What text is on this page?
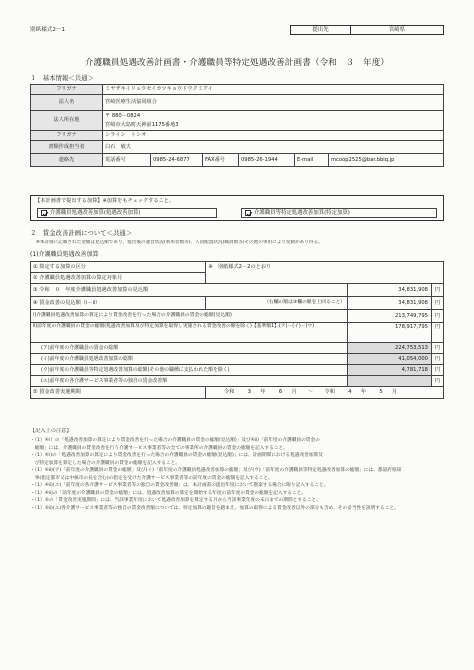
別紙様式2－1	提出先	宮崎県
介護職員処遇改善計画書・介護職員等特定処遇改善計画書（令和　３　年度）
１　基本情報＜共通＞
フリガナ	ミヤザキイリョウセイカツキョウドウクミアイ					
法人名	宮崎医療生活協同組合					
法人所在地	〒 880－0824					
	宮崎市大島町天神前1175番地3					
フリガナ	シライシ　トシオ					
書類作成担当者	白石　敏夫					
連絡先	電話番号	0985-24-6877	FAX番号	0985-26-1944	E-mail	mcoop2525@bar.bbiq.jp
【本計画書で提出する加算】※加算をもチェックすること。
介護職員処遇改善加算(処遇改善加算)	介護職員等特定処遇改善加算(特定加算)
２　賃金改善計画について＜共通＞
※本計画に記載された金額は見込額であり、提出後の運営状況(利用者数等)、人員配置状況(職員数等)その他の事由により変動があり得る。
(1)介護職員処遇改善加算
① 算定する加算の区分	※　別紙様式2－2のとおり		
② 介護職員処遇改善加算の算定対象月			
③ 令和　０　年度介護職員処遇改善加算の見込額		34,831,908	円
④ 賃金改善の見込額（ⅰ－ⅱ）	（右欄の額は③欄の額を上回ること）	34,831,908	円
ⅰ)介護職員処遇改善加算の算定により賃金改善を行った場合の介護職員の賃金の総額(見込額)		213,749,795	円
ⅱ)前年度の介護職員の賃金の総額(処遇改善加算及び特定加算を取得し実施される賃金改善の額を除く)【基準額1】(ア)－(イ)－(ウ)		178,917,795	円
(ア)前年度の介護職員の賃金の総額		224,753,513	円
(イ)前年度の介護職員処遇改善加算の総額		41,054,000	円
(ウ)前年度の介護職員等特定処遇改善加算の総額(その他の職種に支払われた額を除く)		4,781,718	円
(エ)前年度の各介護サービス事業者等の独自の賃金改善額			円
⑤ 賃金改善実施期間	令和 3 年 6 月 ～ 令和 4 年 5 月		

【記入上の注意】

・（1）④ⅰ）の「処遇改善加算の算定により賃金改善を行った場合の介護職員の賃金の総額(見込額)」及び④ⅱ)「前年度の介護職員の賃金の

　総額」には、介護職員の賃金改善を行う介護サービス事業者等の全ての事業所の介護職員の賃金の総額を記入すること。

・（1）④ⅰ)の「処遇改善加算の算定により賃金改善を行った場合の介護職員の賃金の総額(見込額)」には、計画期間における処遇改善加算及

　び特定加算を算定した場合の介護職員の賃金の総額を記入すること。

・（1）④ⅱ)(ア)「前年度の介護職員の賃金の総額」及び(イ)「前年度の介護職員処遇改善加算の総額」及び(ウ)「前年度の介護職員等特定処遇改善加算の総額」には、都道府県知

　事(指定都市又は中核市の長を含む)の指定を受けた介護サービス事業者等の前年度の賃金の総額を記入すること。

・（1）④ⅱ)(エ)「前年度の各介護サービス事業者等の独自の賃金改善額」は、本計画書の提出年度において勘案する場合に限り記入すること。

・（1）④ⅱ)の「前年度の介護職員の賃金の総額」には、処遇改善加算の算定を開始する年度の前年度の賃金の総額を記入すること。

・（1）⑤の「賃金改善実施期間」には、当該事業年度において処遇改善加算を算定する月から当該事業年度の末日までの期間とすること。

・（1）⑤ⅱ)(エ)各介護サービス事業者等の独自の賃金改善額については、特定加算の趣旨を踏まえ、加算の取得による賃金改善以外の部分も含め、その妥当性を説明すること。
